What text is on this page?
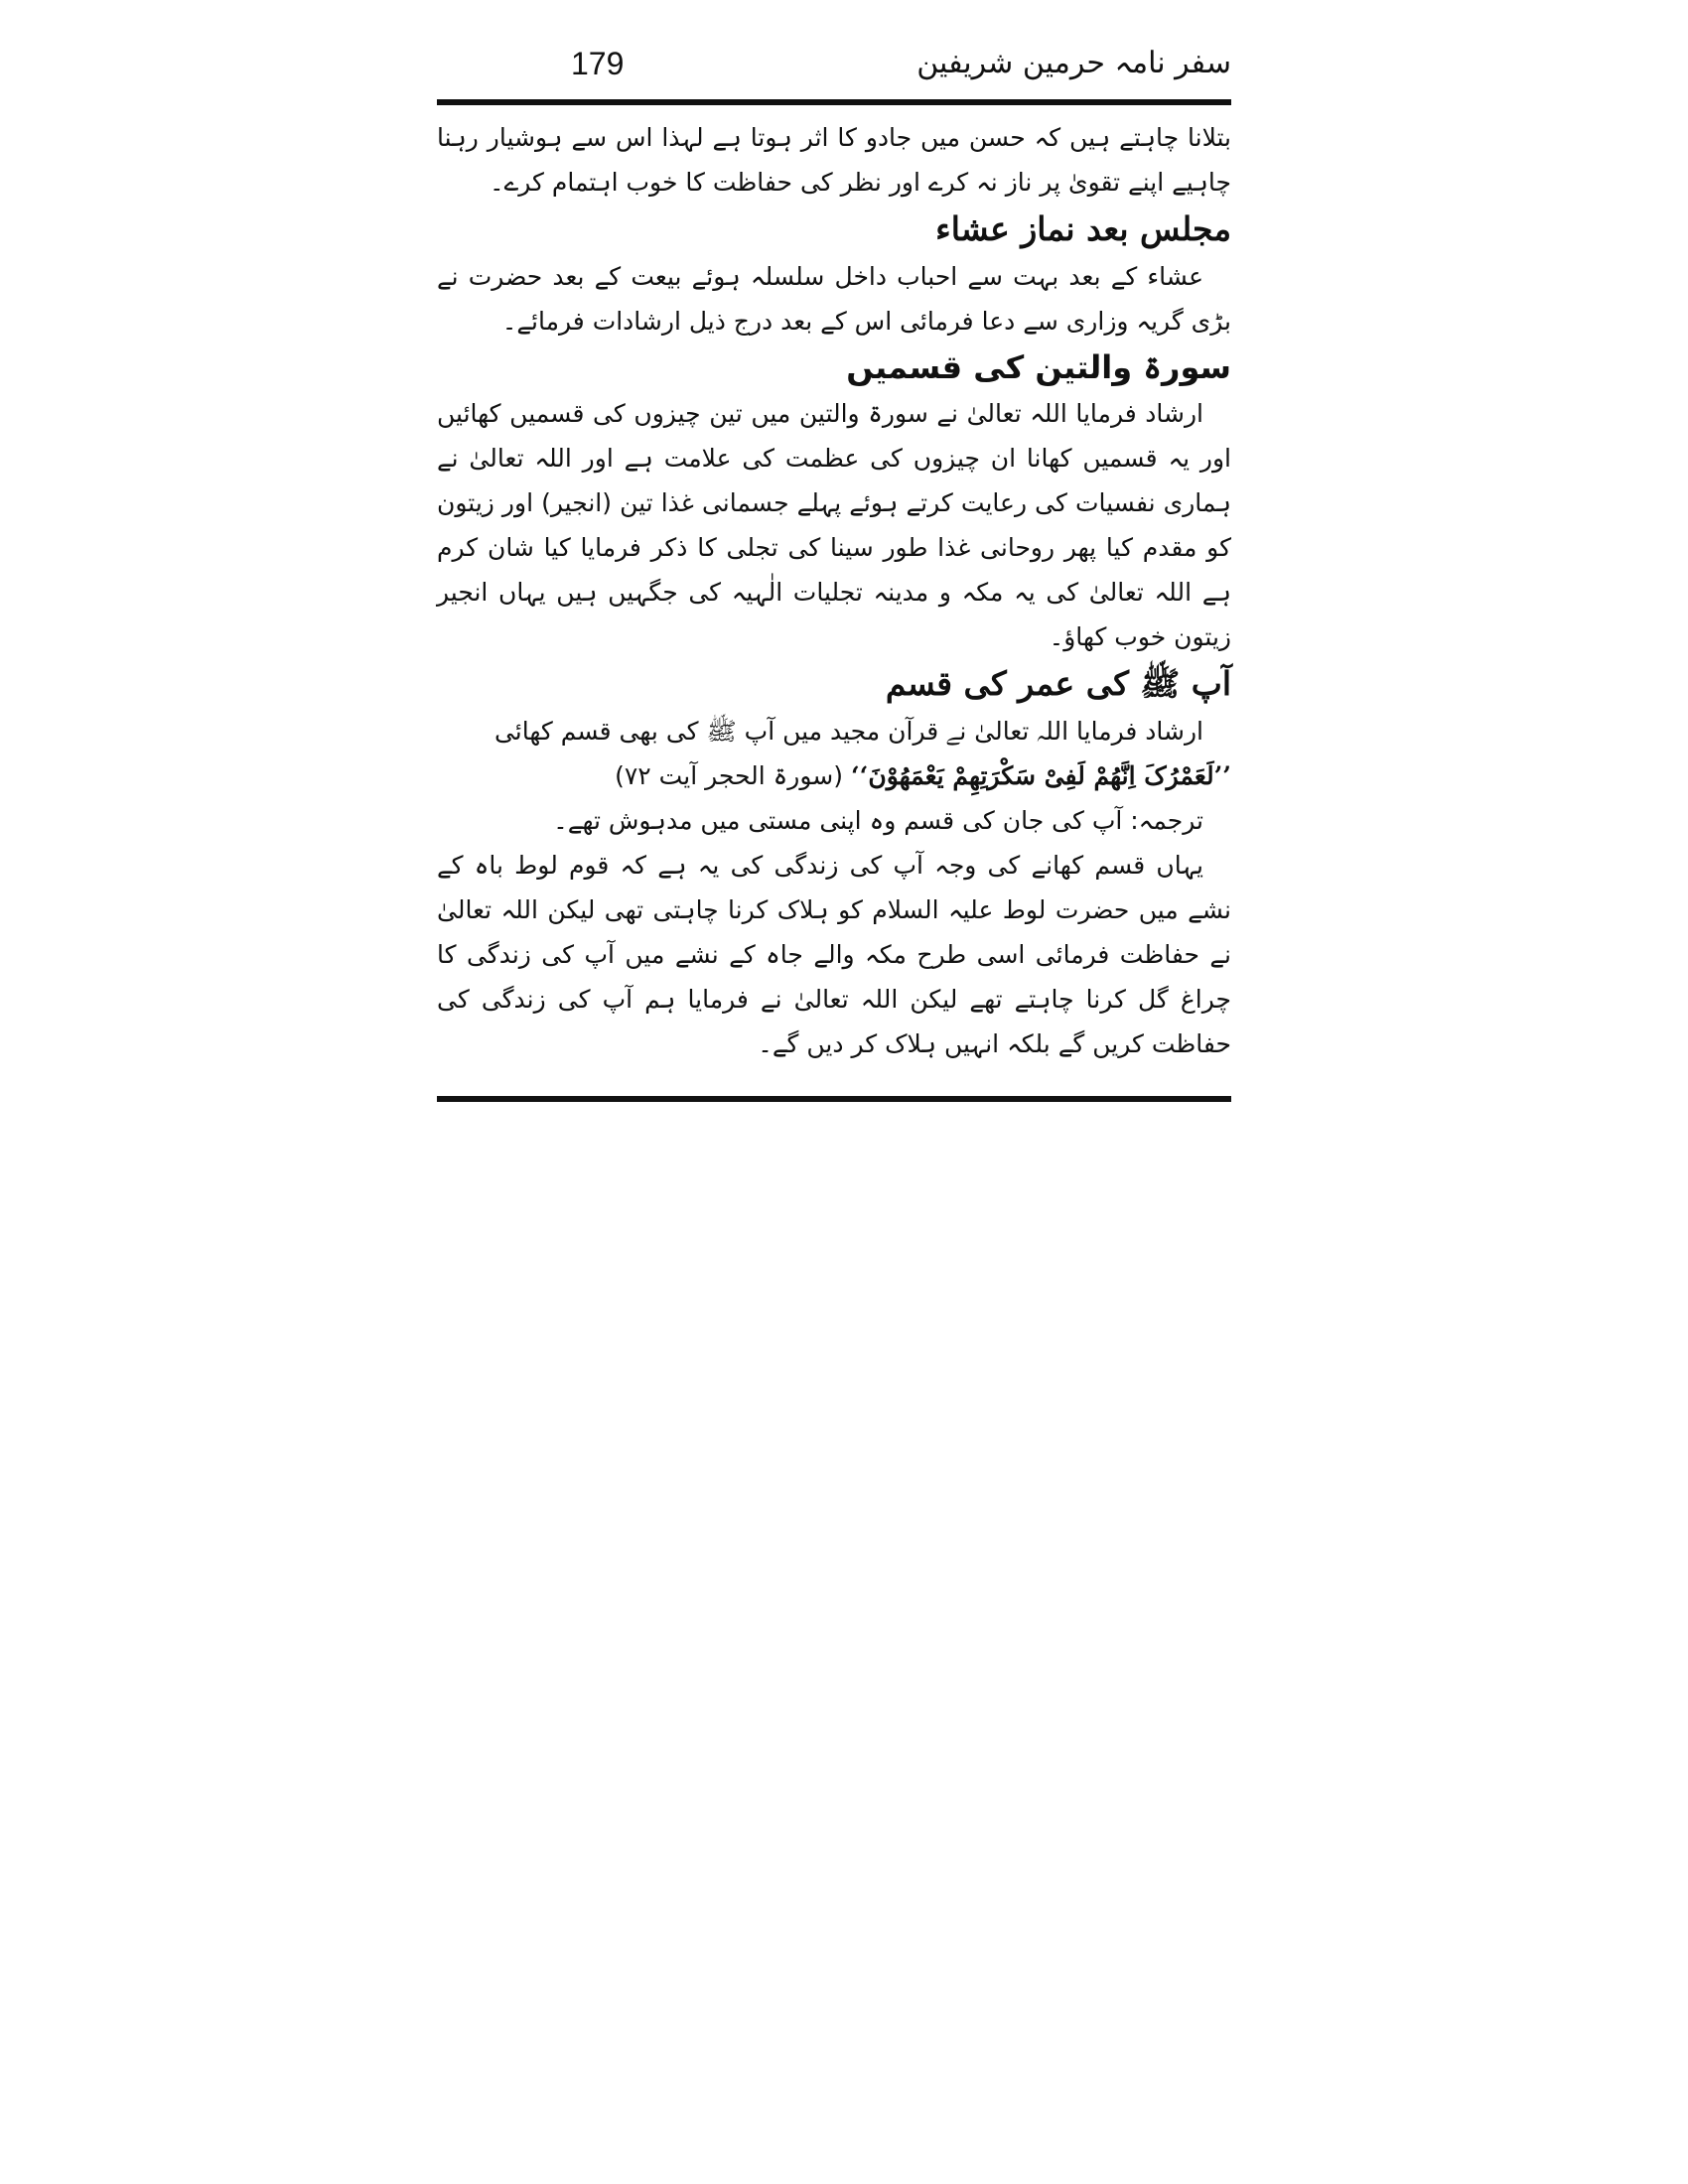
179	سفر نامہ حرمین شریفین

بتلانا چاہتے ہیں کہ حسن میں جادو کا اثر ہوتا ہے لہذا اس سے ہوشیار رہنا چاہیے اپنے تقویٰ پر ناز نہ کرے اور نظر کی حفاظت کا خوب اہتمام کرے۔

مجلس بعد نماز عشاء

عشاء کے بعد بہت سے احباب داخل سلسلہ ہوئے بیعت کے بعد حضرت نے بڑی گریہ وزاری سے دعا فرمائی اس کے بعد درج ذیل ارشادات فرمائے۔

سورۃ والتین کی قسمیں

ارشاد فرمایا اللہ تعالیٰ نے سورۃ والتین میں تین چیزوں کی قسمیں کھائیں اور یہ قسمیں کھانا ان چیزوں کی عظمت کی علامت ہے اور اللہ تعالیٰ نے ہماری نفسیات کی رعایت کرتے ہوئے پہلے جسمانی غذا تین (انجیر) اور زیتون کو مقدم کیا پھر روحانی غذا طور سینا کی تجلی کا ذکر فرمایا کیا شان کرم ہے اللہ تعالیٰ کی یہ مکہ و مدینہ تجلیات الٰہیہ کی جگہیں ہیں یہاں انجیر زیتون خوب کھاؤ۔

آپ ﷺ کی عمر کی قسم

ارشاد فرمایا اللہ تعالیٰ نے قرآن مجید میں آپ ﷺ کی بھی قسم کھائی

’’لَعَمْرُکَ اِنَّھُمْ لَفِیْ سَکْرَتِھِمْ یَعْمَھُوْنَ‘‘ (سورۃ الحجر آیت ۷۲)

ترجمہ: آپ کی جان کی قسم وہ اپنی مستی میں مدہوش تھے۔

یہاں قسم کھانے کی وجہ آپ کی زندگی کی یہ ہے کہ قوم لوط باہ کے نشے میں حضرت لوط علیہ السلام کو ہلاک کرنا چاہتی تھی لیکن اللہ تعالیٰ نے حفاظت فرمائی اسی طرح مکہ والے جاہ کے نشے میں آپ کی زندگی کا چراغ گل کرنا چاہتے تھے لیکن اللہ تعالیٰ نے فرمایا ہم آپ کی زندگی کی حفاظت کریں گے بلکہ انہیں ہلاک کر دیں گے۔
